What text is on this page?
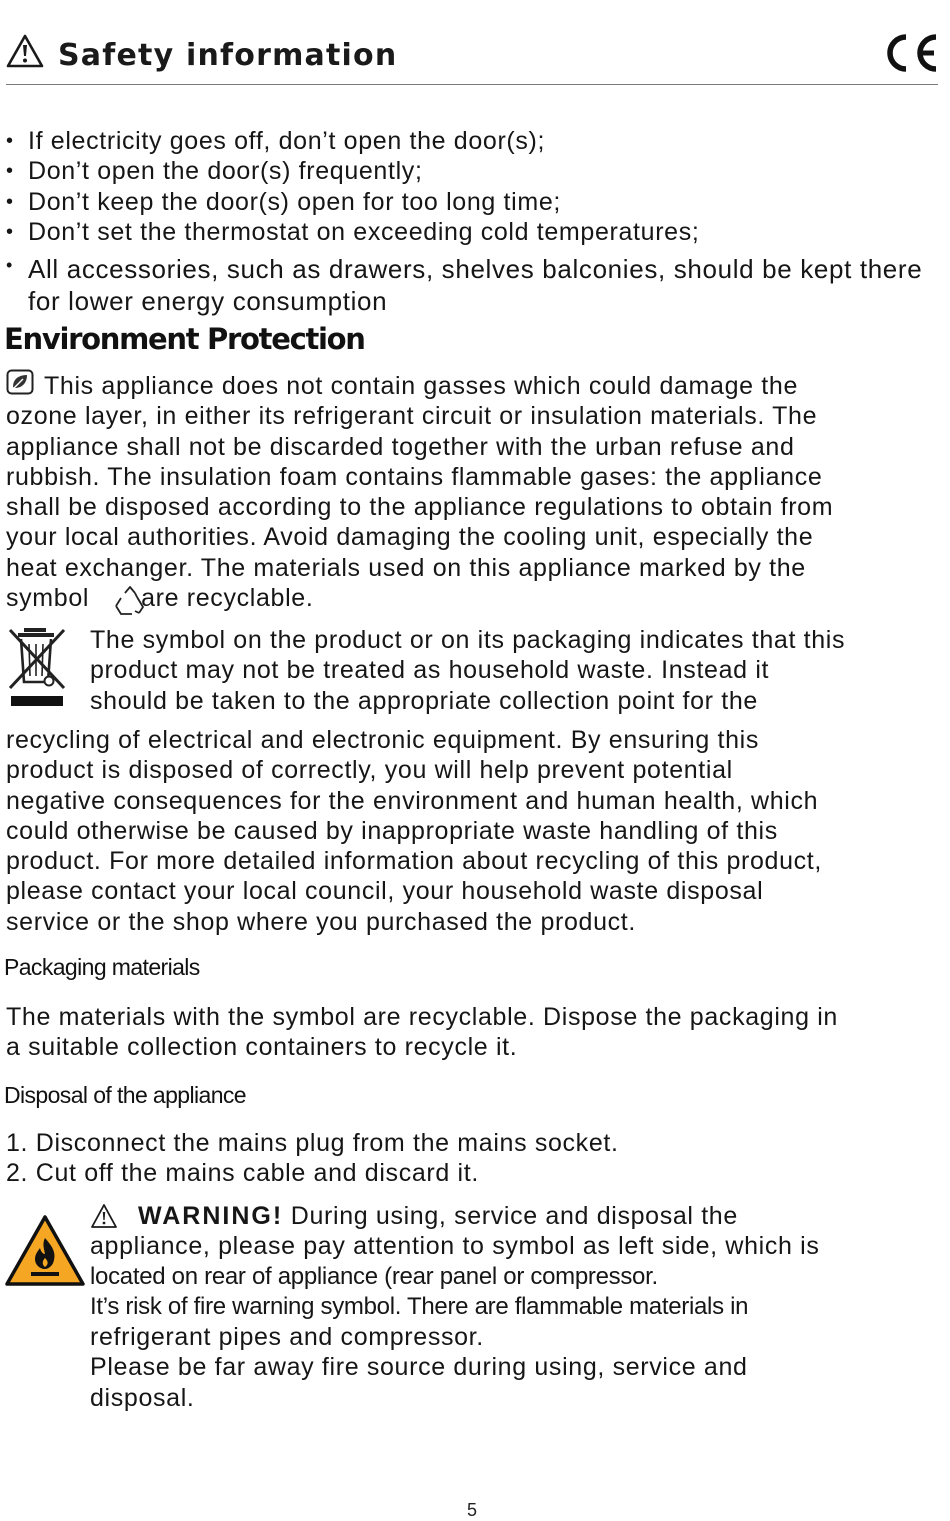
Safety information
• If electricity goes off, don’t open the door(s);
• Don’t open the door(s) frequently;
• Don’t keep the door(s) open for too long time;
• Don’t set the thermostat on exceeding cold temperatures;
• All accessories, such as drawers, shelves balconies, should be kept there for lower energy consumption
Environment Protection
This appliance does not contain gasses which could damage the
ozone layer, in either its refrigerant circuit or insulation materials. The
appliance shall not be discarded together with the urban refuse and
rubbish. The insulation foam contains flammable gases: the appliance
shall be disposed according to the appliance regulations to obtain from
your local authorities. Avoid damaging the cooling unit, especially the
heat exchanger. The materials used on this appliance marked by the
symbol are recyclable.
The symbol on the product or on its packaging indicates that this
product may not be treated as household waste. Instead it
should be taken to the appropriate collection point for the
recycling of electrical and electronic equipment. By ensuring this
product is disposed of correctly, you will help prevent potential
negative consequences for the environment and human health, which
could otherwise be caused by inappropriate waste handling of this
product. For more detailed information about recycling of this product,
please contact your local council, your household waste disposal
service or the shop where you purchased the product.
Packaging materials
The materials with the symbol are recyclable. Dispose the packaging in
a suitable collection containers to recycle it.
Disposal of the appliance
1. Disconnect the mains plug from the mains socket.
2. Cut off the mains cable and discard it.
WARNING! During using, service and disposal the
appliance, please pay attention to symbol as left side, which is
located on rear of appliance (rear panel or compressor.
It’s risk of fire warning symbol. There are flammable materials in
refrigerant pipes and compressor.
Please be far away fire source during using, service and
disposal.
5
